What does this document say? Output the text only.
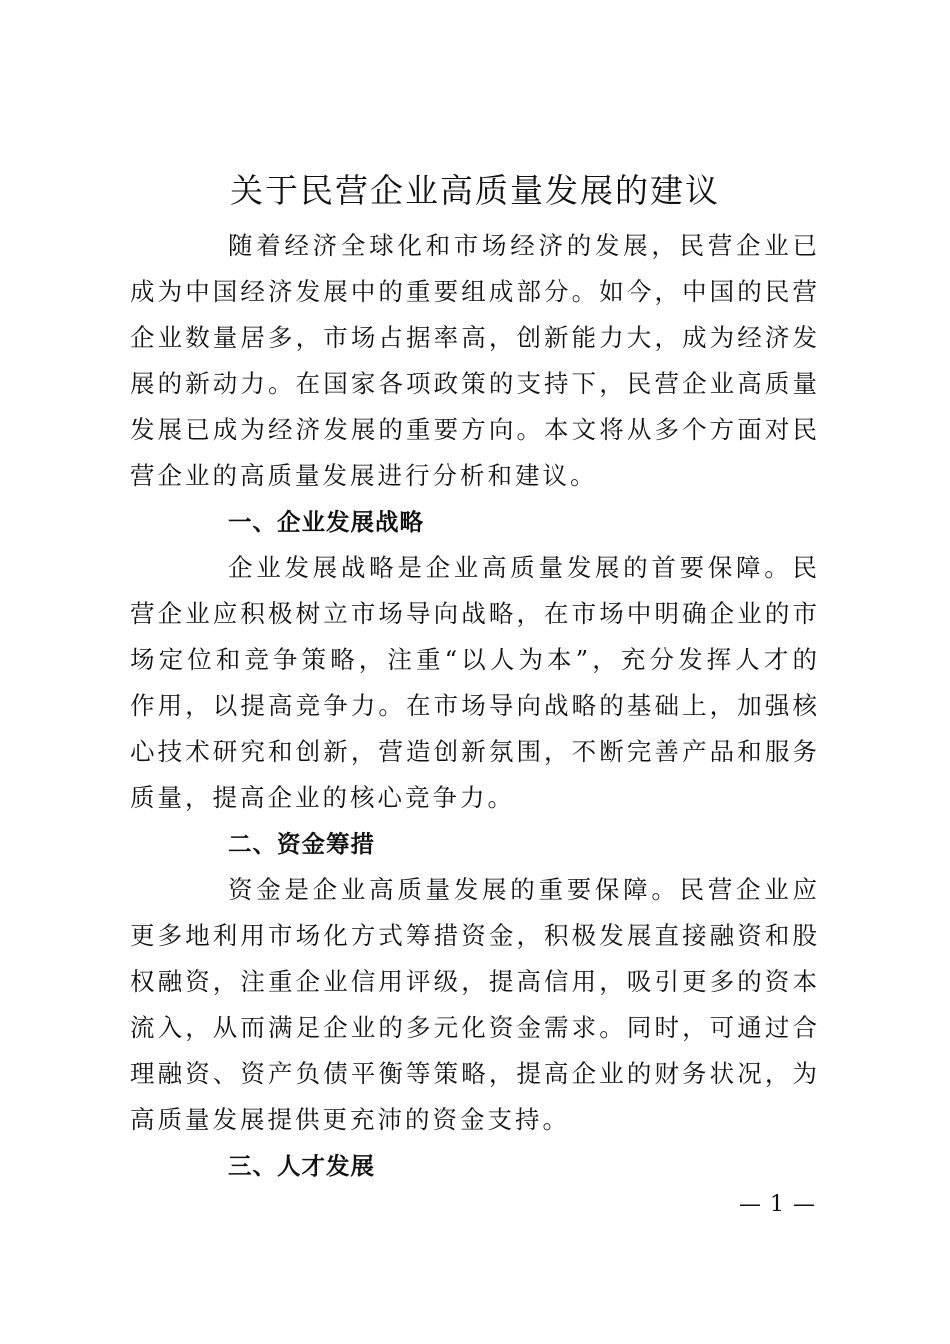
关于民营企业高质量发展的建议

随着经济全球化和市场经济的发展，民营企业已成为中国经济发展中的重要组成部分。如今，中国的民营企业数量居多，市场占据率高，创新能力大，成为经济发展的新动力。在国家各项政策的支持下，民营企业高质量发展已成为经济发展的重要方向。本文将从多个方面对民营企业的高质量发展进行分析和建议。

一、企业发展战略

企业发展战略是企业高质量发展的首要保障。民营企业应积极树立市场导向战略，在市场中明确企业的市场定位和竞争策略，注重“以人为本”，充分发挥人才的作用，以提高竞争力。在市场导向战略的基础上，加强核心技术研究和创新，营造创新氛围，不断完善产品和服务质量，提高企业的核心竞争力。

二、资金筹措

资金是企业高质量发展的重要保障。民营企业应更多地利用市场化方式筹措资金，积极发展直接融资和股权融资，注重企业信用评级，提高信用，吸引更多的资本流入，从而满足企业的多元化资金需求。同时，可通过合理融资、资产负债平衡等策略，提高企业的财务状况，为高质量发展提供更充沛的资金支持。

三、人才发展

— 1 —
